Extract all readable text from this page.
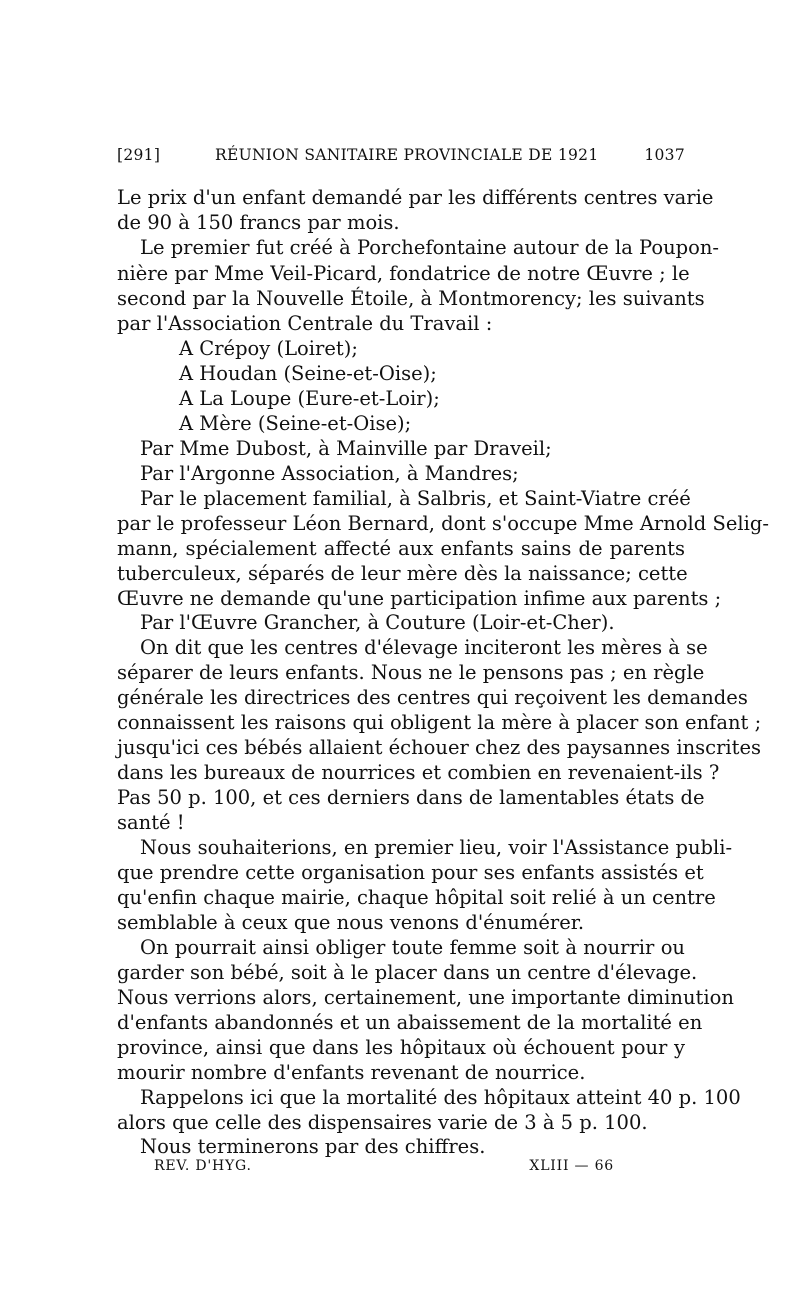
[291]	RÉUNION SANITAIRE PROVINCIALE DE 1921	1037
Le prix d'un enfant demandé par les différents centres varie
de 90 à 150 francs par mois.
Le premier fut créé à Porchefontaine autour de la Poupon-
nière par Mme Veil-Picard, fondatrice de notre Œuvre ; le
second par la Nouvelle Étoile, à Montmorency; les suivants
par l'Association Centrale du Travail :
A Crépoy (Loiret);
A Houdan (Seine-et-Oise);
A La Loupe (Eure-et-Loir);
A Mère (Seine-et-Oise);
Par Mme Dubost, à Mainville par Draveil;
Par l'Argonne Association, à Mandres;
Par le placement familial, à Salbris, et Saint-Viatre créé
par le professeur Léon Bernard, dont s'occupe Mme Arnold Selig-
mann, spécialement affecté aux enfants sains de parents
tuberculeux, séparés de leur mère dès la naissance; cette
Œuvre ne demande qu'une participation infime aux parents ;
Par l'Œuvre Grancher, à Couture (Loir-et-Cher).
On dit que les centres d'élevage inciteront les mères à se
séparer de leurs enfants. Nous ne le pensons pas ; en règle
générale les directrices des centres qui reçoivent les demandes
connaissent les raisons qui obligent la mère à placer son enfant ;
jusqu'ici ces bébés allaient échouer chez des paysannes inscrites
dans les bureaux de nourrices et combien en revenaient-ils ?
Pas 50 p. 100, et ces derniers dans de lamentables états de
santé !
Nous souhaiterions, en premier lieu, voir l'Assistance publi-
que prendre cette organisation pour ses enfants assistés et
qu'enfin chaque mairie, chaque hôpital soit relié à un centre
semblable à ceux que nous venons d'énumérer.
On pourrait ainsi obliger toute femme soit à nourrir ou
garder son bébé, soit à le placer dans un centre d'élevage.
Nous verrions alors, certainement, une importante diminution
d'enfants abandonnés et un abaissement de la mortalité en
province, ainsi que dans les hôpitaux où échouent pour y
mourir nombre d'enfants revenant de nourrice.
Rappelons ici que la mortalité des hôpitaux atteint 40 p. 100
alors que celle des dispensaires varie de 3 à 5 p. 100.
Nous terminerons par des chiffres.
REV. D'HYG.	XLIII — 66
